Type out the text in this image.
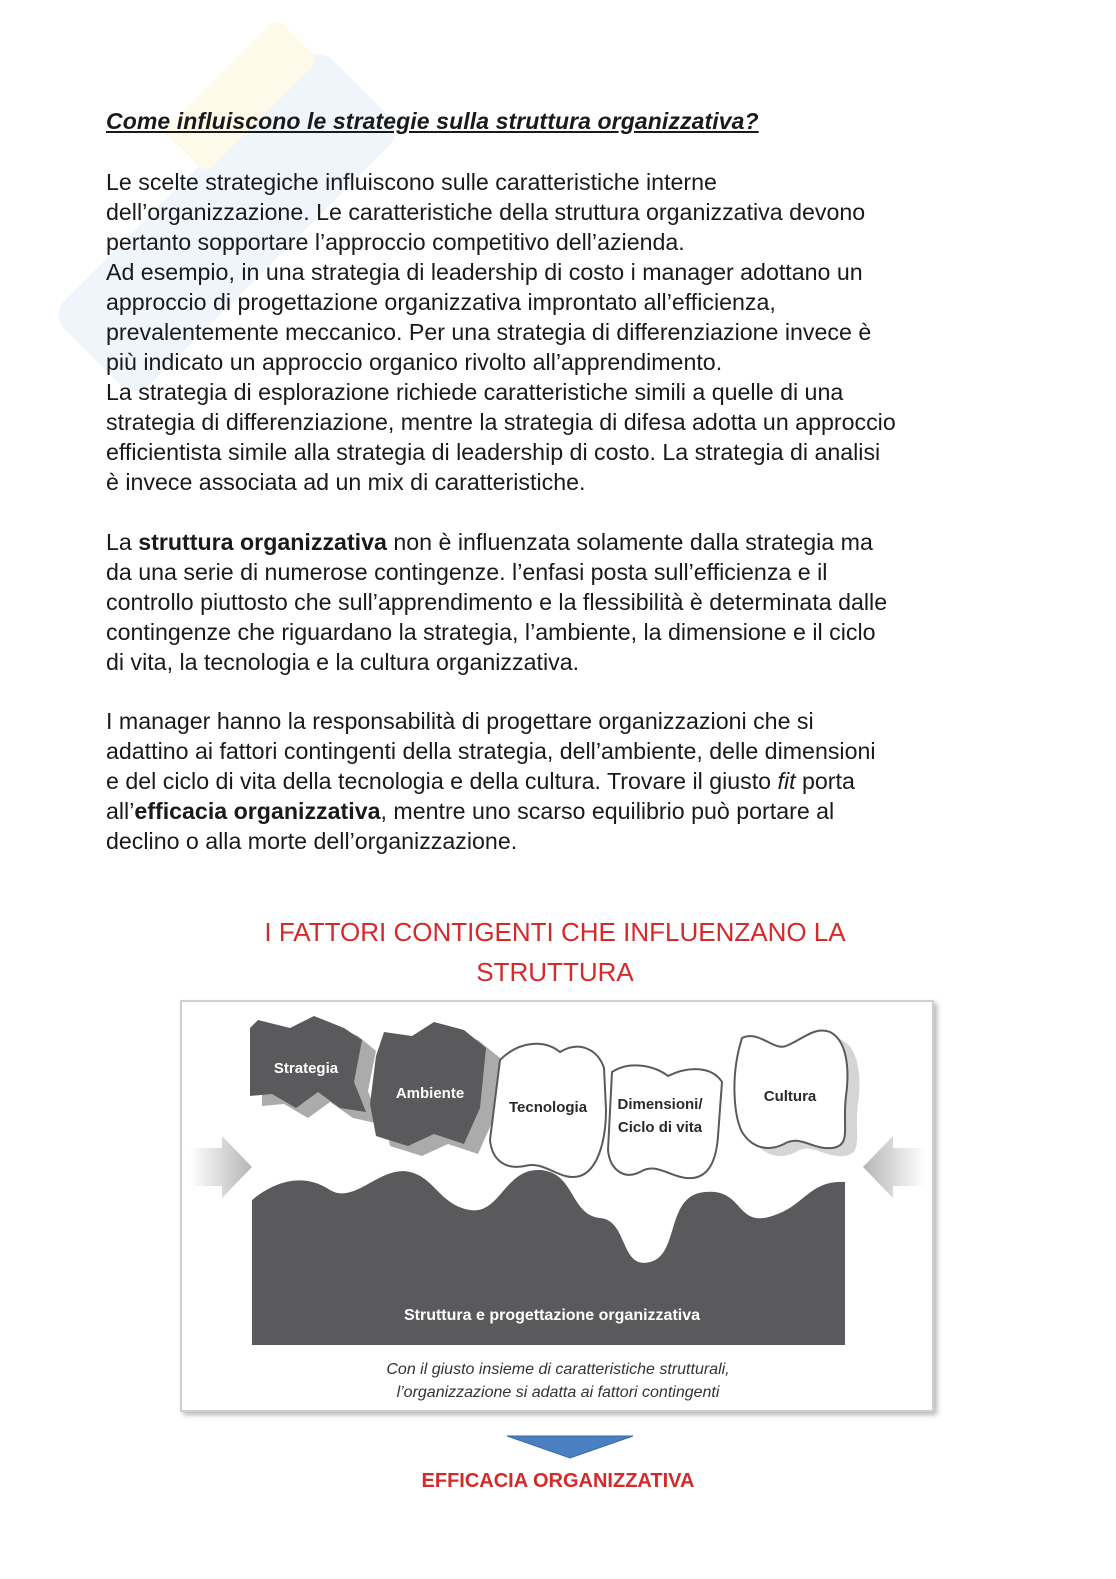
Come influiscono le strategie sulla struttura organizzativa?

Le scelte strategiche influiscono sulle caratteristiche interne
dell’organizzazione. Le caratteristiche della struttura organizzativa devono
pertanto sopportare l’approccio competitivo dell’azienda.
Ad esempio, in una strategia di leadership di costo i manager adottano un
approccio di progettazione organizzativa improntato all’efficienza,
prevalentemente meccanico. Per una strategia di differenziazione invece è
più indicato un approccio organico rivolto all’apprendimento.
La strategia di esplorazione richiede caratteristiche simili a quelle di una
strategia di differenziazione, mentre la strategia di difesa adotta un approccio
efficientista simile alla strategia di leadership di costo. La strategia di analisi
è invece associata ad un mix di caratteristiche.

La struttura organizzativa non è influenzata solamente dalla strategia ma
da una serie di numerose contingenze. l’enfasi posta sull’efficienza e il
controllo piuttosto che sull’apprendimento e la flessibilità è determinata dalle
contingenze che riguardano la strategia, l’ambiente, la dimensione e il ciclo
di vita, la tecnologia e la cultura organizzativa.

I manager hanno la responsabilità di progettare organizzazioni che si
adattino ai fattori contingenti della strategia, dell’ambiente, delle dimensioni
e del ciclo di vita della tecnologia e della cultura. Trovare il giusto fit porta
all’efficacia organizzativa, mentre uno scarso equilibrio può portare al
declino o alla morte dell’organizzazione.

I FATTORI CONTIGENTI CHE INFLUENZANO LA
STRUTTURA
Struttura e progettazione organizzativa
Strategia
Ambiente
Tecnologia Dimensioni/
Ciclo di vita
Cultura
Con il giusto insieme di caratteristiche strutturali,
l’organizzazione si adatta ai fattori contingenti
EFFICACIA ORGANIZZATIVA
